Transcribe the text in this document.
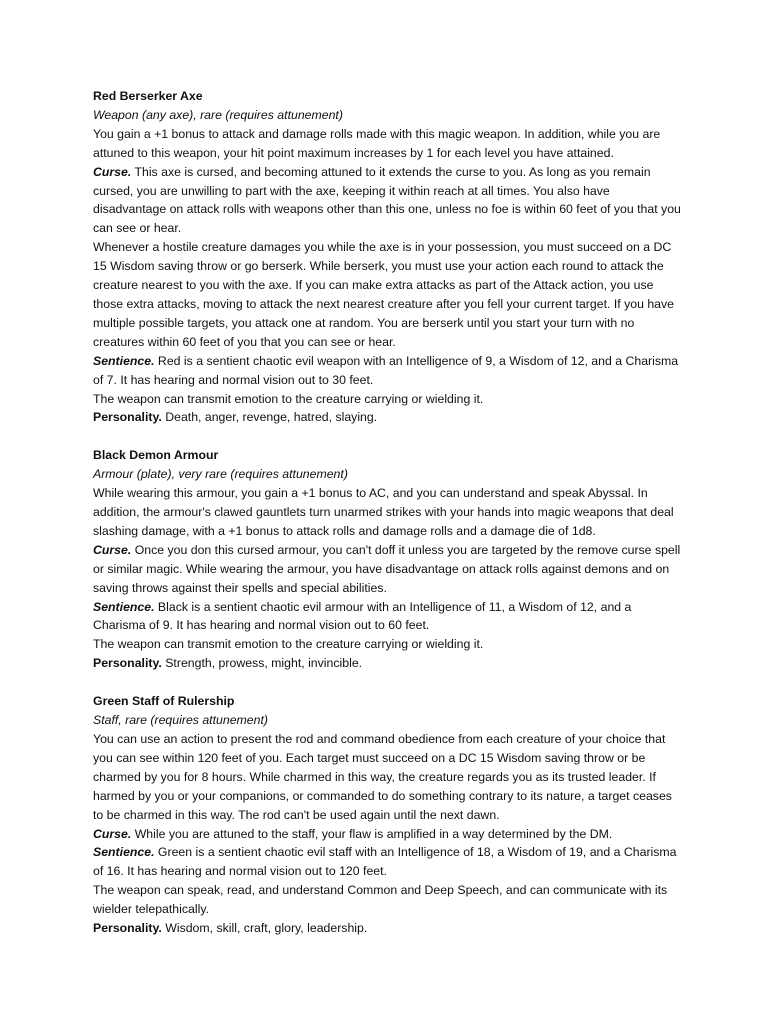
Red Berserker Axe

Weapon (any axe), rare (requires attunement)

You gain a +1 bonus to attack and damage rolls made with this magic weapon. In addition, while you are attuned to this weapon, your hit point maximum increases by 1 for each level you have attained.

Curse. This axe is cursed, and becoming attuned to it extends the curse to you. As long as you remain cursed, you are unwilling to part with the axe, keeping it within reach at all times. You also have disadvantage on attack rolls with weapons other than this one, unless no foe is within 60 feet of you that you can see or hear.

Whenever a hostile creature damages you while the axe is in your possession, you must succeed on a DC 15 Wisdom saving throw or go berserk. While berserk, you must use your action each round to attack the creature nearest to you with the axe. If you can make extra attacks as part of the Attack action, you use those extra attacks, moving to attack the next nearest creature after you fell your current target. If you have multiple possible targets, you attack one at random. You are berserk until you start your turn with no creatures within 60 feet of you that you can see or hear.

Sentience. Red is a sentient chaotic evil weapon with an Intelligence of 9, a Wisdom of 12, and a Charisma of 7. It has hearing and normal vision out to 30 feet.

The weapon can transmit emotion to the creature carrying or wielding it.

Personality. Death, anger, revenge, hatred, slaying.

Black Demon Armour

Armour (plate), very rare (requires attunement)

While wearing this armour, you gain a +1 bonus to AC, and you can understand and speak Abyssal. In addition, the armour's clawed gauntlets turn unarmed strikes with your hands into magic weapons that deal slashing damage, with a +1 bonus to attack rolls and damage rolls and a damage die of 1d8.

Curse. Once you don this cursed armour, you can't doff it unless you are targeted by the remove curse spell or similar magic. While wearing the armour, you have disadvantage on attack rolls against demons and on saving throws against their spells and special abilities.

Sentience. Black is a sentient chaotic evil armour with an Intelligence of 11, a Wisdom of 12, and a Charisma of 9. It has hearing and normal vision out to 60 feet.

The weapon can transmit emotion to the creature carrying or wielding it.

Personality. Strength, prowess, might, invincible.

Green Staff of Rulership

Staff, rare (requires attunement)

You can use an action to present the rod and command obedience from each creature of your choice that you can see within 120 feet of you. Each target must succeed on a DC 15 Wisdom saving throw or be charmed by you for 8 hours. While charmed in this way, the creature regards you as its trusted leader. If harmed by you or your companions, or commanded to do something contrary to its nature, a target ceases to be charmed in this way. The rod can't be used again until the next dawn.

Curse. While you are attuned to the staff, your flaw is amplified in a way determined by the DM.

Sentience. Green is a sentient chaotic evil staff with an Intelligence of 18, a Wisdom of 19, and a Charisma of 16. It has hearing and normal vision out to 120 feet.

The weapon can speak, read, and understand Common and Deep Speech, and can communicate with its wielder telepathically.

Personality. Wisdom, skill, craft, glory, leadership.
